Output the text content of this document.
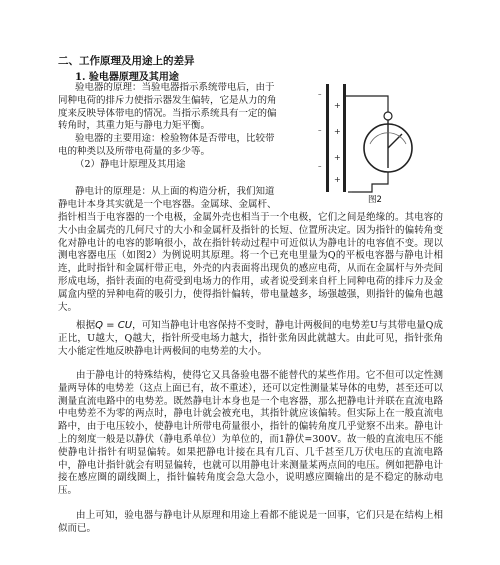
二、工作原理及用途上的差异
1. 验电器原理及其用途
验电器的原理：当验电器指示系统带电后，由于
同种电荷的排斥力使指示器发生偏转，它是从力的角
度来反映导体带电的情况。当指示系统具有一定的偏
转角时，其重力矩与静电力矩平衡。
验电器的主要用途：检验物体是否带电，比较带
电的种类以及所带电荷量的多少等。
（2）静电计原理及其用途
+
+
+
+
–
–
–
图2
静电计的原理是：从上面的构造分析，我们知道
静电计本身其实就是一个电容器。金属球、金属杆、
指针相当于电容器的一个电极，金属外壳也相当于一个电极，它们之间是绝缘的。其电容的大小由金属壳的几何尺寸的大小和金属杆及指针的长短、位置所决定。因为指针的偏转角变化对静电计的电容的影响很小，故在指针转动过程中可近似认为静电计的电容值不变。现以测电容器电压（如图2）为例说明其原理。将一个已充电里量为Q的平板电容器与静电计相连，此时指针和金属杆带正电，外壳的内表面将出现负的感应电荷，从而在金属杆与外壳间形成电场，指针表面的电荷受到电场力的作用，或者说受到来自杆上同种电荷的排斥力及金属盒内壁的异种电荷的吸引力，使得指针偏转，带电量越多，场强越强，则指针的偏角也越大。

根据Q = CU，可知当静电计电容保持不变时，静电计两极间的电势差U与其带电量Q成正比，U越大，Q越大，指针所受电场力越大，指针张角因此就越大。由此可见，指针张角大小能定性地反映静电计两极间的电势差的大小。

由于静电计的特殊结构，使得它又具备验电器不能替代的某些作用。它不但可以定性测量两导体的电势差（这点上面已有，故不重述），还可以定性测量某导体的电势，甚至还可以测量直流电路中的电势差。既然静电计本身也是一个电容器，那么把静电计并联在直流电路中电势差不为零的两点时，静电计就会被充电，其指针就应该偏转。但实际上在一般直流电路中，由于电压较小，使静电计所带电荷量很小，指针的偏转角度几乎觉察不出来。静电计上的刻度一般是以静伏（静电系单位）为单位的，而1静伏=300V。故一般的直流电压不能使静电计指针有明显偏转。如果把静电计接在具有几百、几千甚至几万伏电压的直流电路中，静电计指针就会有明显偏转，也就可以用静电计来测量某两点间的电压。例如把静电计接在感应圈的副线圈上，指针偏转角度会急大急小，说明感应圈输出的是不稳定的脉动电压。
由上可知，验电器与静电计从原理和用途上看都不能说是一回事，它们只是在结构上相似而已。
